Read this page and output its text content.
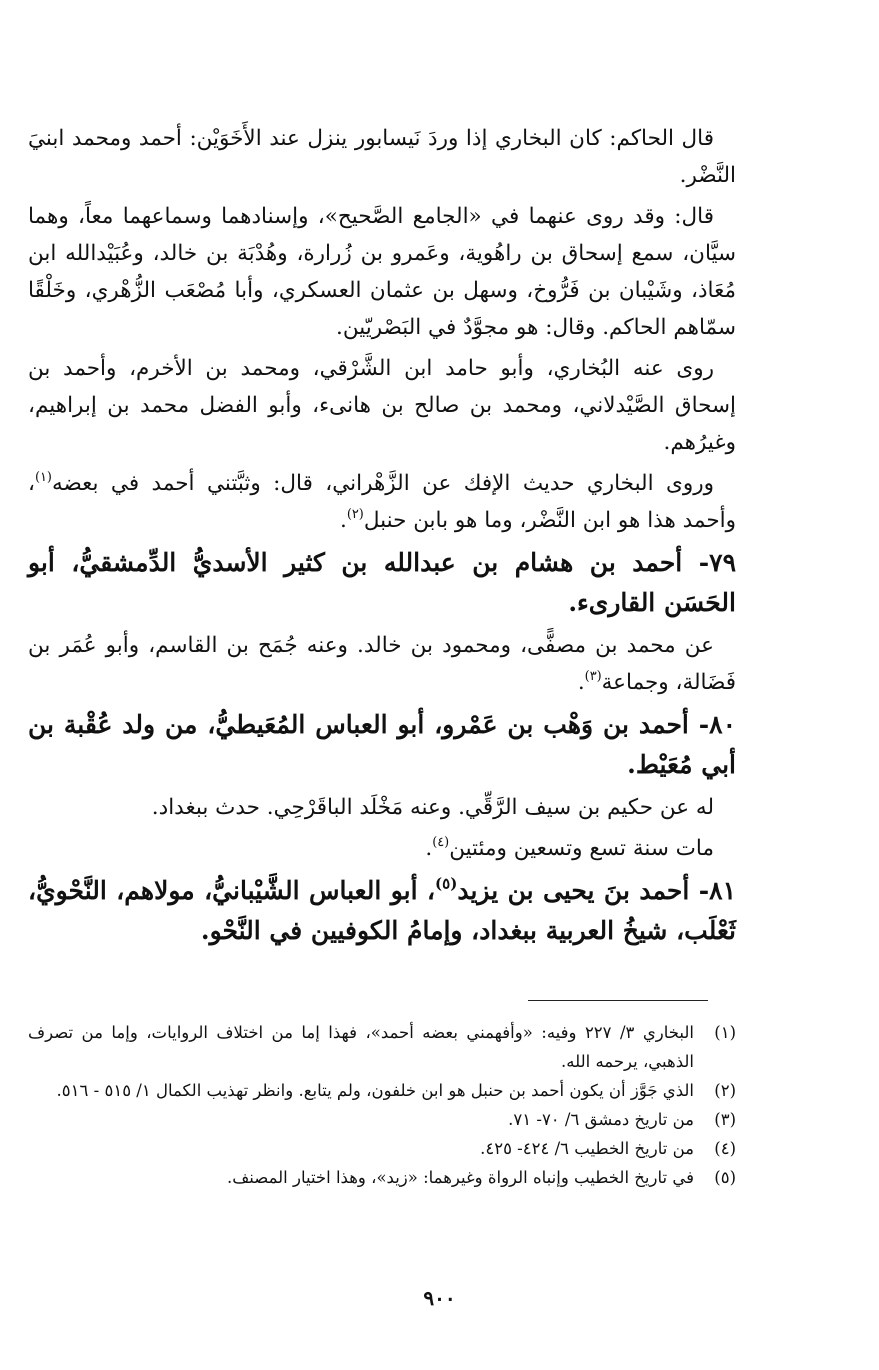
قال الحاكم: كان البخاري إذا وردَ نَيسابور ينزل عند الأَخَوَيْن: أحمد ومحمد ابنيَ النَّضْر.

قال: وقد روى عنهما في «الجامع الصَّحيح»، وإسنادهما وسماعهما معاً، وهما سيَّان، سمع إسحاق بن راهُوية، وعَمرو بن زُرارة، وهُدْبَة بن خالد، وعُبَيْدالله ابن مُعَاذ، وشَيْبان بن فَرُّوخ، وسهل بن عثمان العسكري، وأبا مُصْعَب الزُّهْري، وخَلْقًا سمّاهم الحاكم. وقال: هو مجوَّدٌ في البَصْريّين.

روى عنه البُخاري، وأبو حامد ابن الشَّرْقي، ومحمد بن الأخرم، وأحمد بن إسحاق الصَّيْدلاني، ومحمد بن صالح بن هانىء، وأبو الفضل محمد بن إبراهيم، وغيرُهم.

وروى البخاري حديث الإفك عن الزَّهْراني، قال: وثبَّتني أحمد في بعضه$^{(١)}$، وأحمد هذا هو ابن النَّضْر، وما هو بابن حنبل$^{(٢)}$.

٧٩- أحمد بن هشام بن عبدالله بن كثير الأسديُّ الدِّمشقيُّ، أبو الحَسَن القارىء.

عن محمد بن مصفًّى، ومحمود بن خالد. وعنه جُمَح بن القاسم، وأبو عُمَر بن فَضَالة، وجماعة$^{(٣)}$.

٨٠- أحمد بن وَهْب بن عَمْرو، أبو العباس المُعَيطيُّ، من ولد عُقْبة بن أبي مُعَيْط.

له عن حكيم بن سيف الرَّقِّي. وعنه مَخْلَد الباقَرْحِي. حدث ببغداد.

مات سنة تسع وتسعين ومئتين$^{(٤)}$.

٨١- أحمد بنَ يحيى بن يزيد$^{(٥)}$، أبو العباس الشَّيْبانيُّ، مولاهم، النَّحْويُّ، ثَعْلَب، شيخُ العربية ببغداد، وإمامُ الكوفيين في النَّحْو.

(١)
البخاري ٣/ ٢٢٧ وفيه: «وأفهمني بعضه أحمد»، فهذا إما من اختلاف الروايات، وإما من تصرف الذهبي، يرحمه الله.
(٢)
الذي جَوَّز أن يكون أحمد بن حنبل هو ابن خلفون، ولم يتابع. وانظر تهذيب الكمال ١/ ٥١٥ - ٥١٦.
(٣)
من تاريخ دمشق ٦/ ٧٠- ٧١.
(٤)
من تاريخ الخطيب ٦/ ٤٢٤- ٤٢٥.
(٥)
في تاريخ الخطيب وإنباه الرواة وغيرهما: «زيد»، وهذا اختيار المصنف.
٩٠٠
